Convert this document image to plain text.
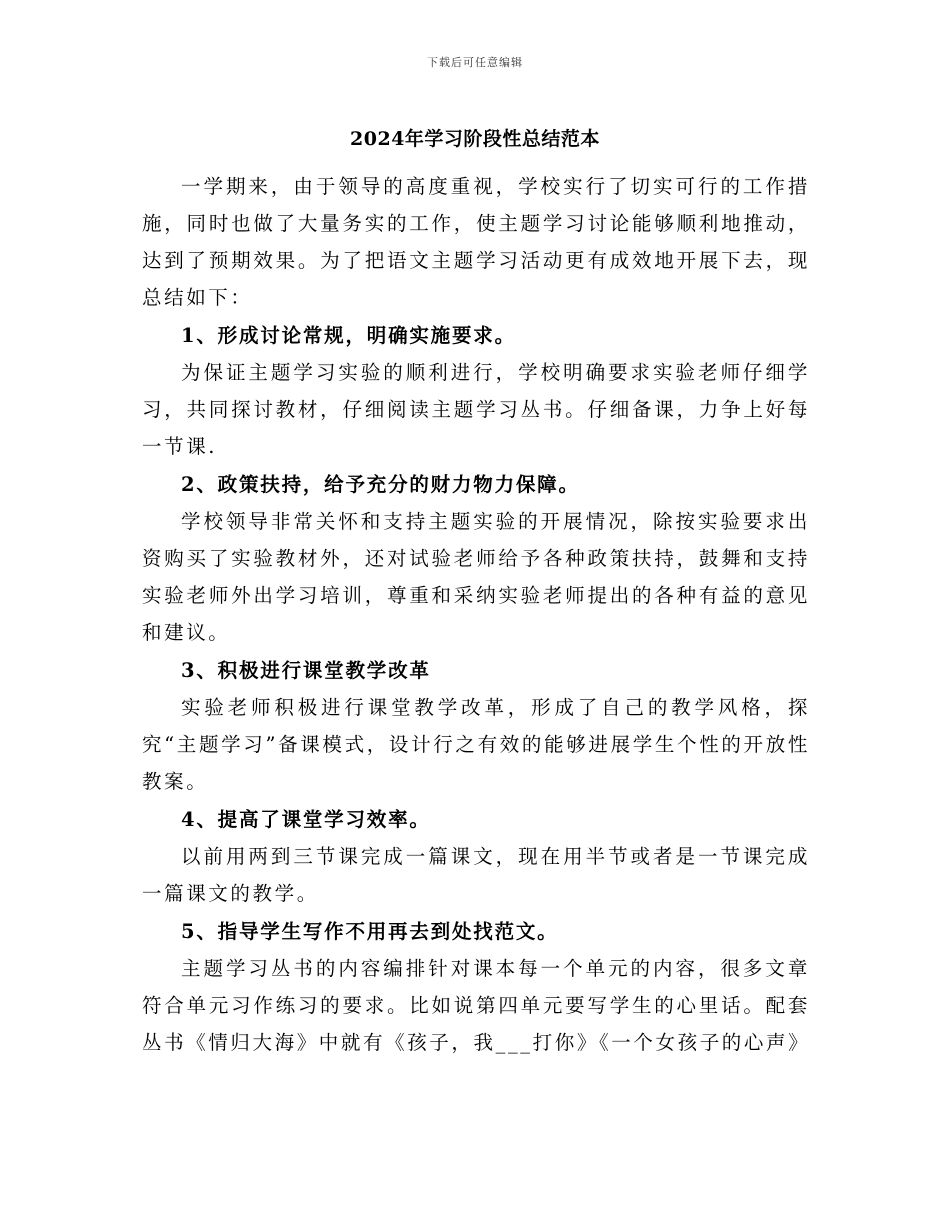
下载后可任意编辑
2024年学习阶段性总结范本

一学期来，由于领导的高度重视，学校实行了切实可行的工作措施，同时也做了大量务实的工作，使主题学习讨论能够顺利地推动，达到了预期效果。为了把语文主题学习活动更有成效地开展下去，现总结如下：

1、形成讨论常规，明确实施要求。

为保证主题学习实验的顺利进行，学校明确要求实验老师仔细学习，共同探讨教材，仔细阅读主题学习丛书。仔细备课，力争上好每一节课.

2、政策扶持，给予充分的财力物力保障。

学校领导非常关怀和支持主题实验的开展情况，除按实验要求出资购买了实验教材外，还对试验老师给予各种政策扶持，鼓舞和支持实验老师外出学习培训，尊重和采纳实验老师提出的各种有益的意见和建议。

3、积极进行课堂教学改革

实验老师积极进行课堂教学改革，形成了自己的教学风格，探究“主题学习”备课模式，设计行之有效的能够进展学生个性的开放性教案。

4、提高了课堂学习效率。

以前用两到三节课完成一篇课文，现在用半节或者是一节课完成一篇课文的教学。

5、指导学生写作不用再去到处找范文。

主题学习丛书的内容编排针对课本每一个单元的内容，很多文章符合单元习作练习的要求。比如说第四单元要写学生的心里话。配套丛书《情归大海》中就有《孩子，我___打你》《一个女孩子的心声》
